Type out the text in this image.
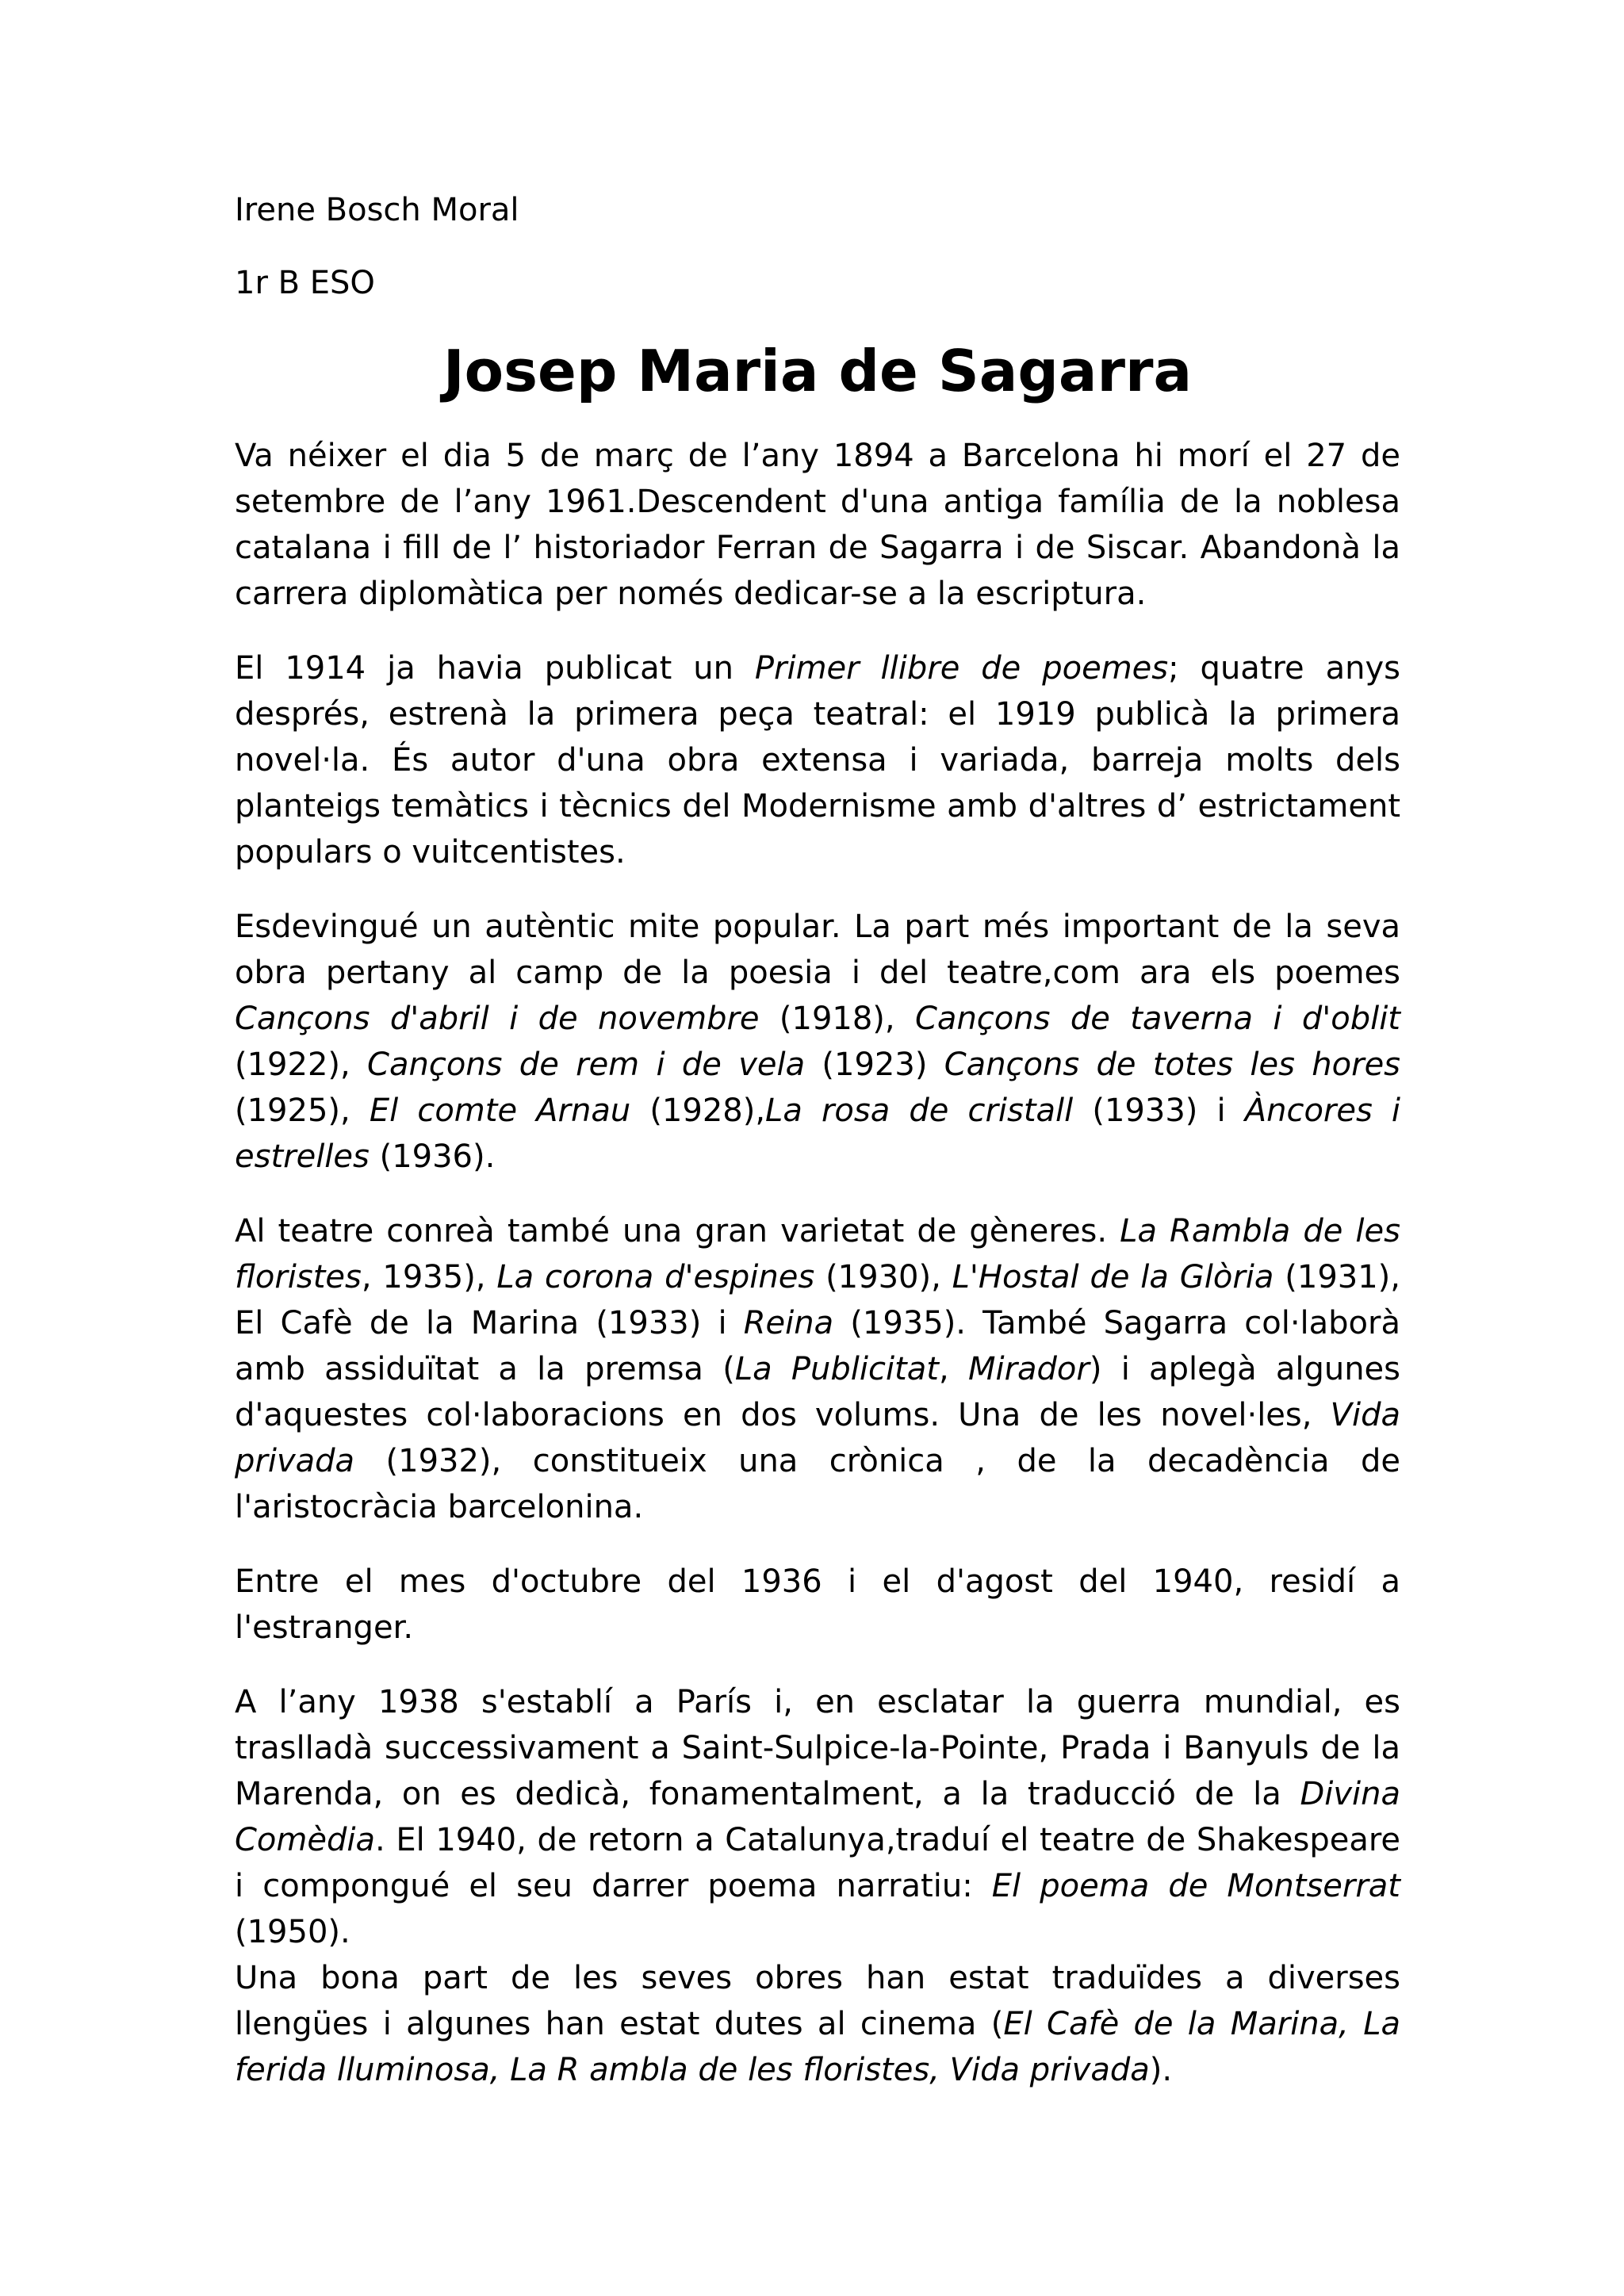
Irene Bosch Moral
1r B ESO
Josep Maria de Sagarra

Va néixer el dia 5 de març de l’any 1894 a Barcelona hi morí el 27 de setembre de l’any 1961.Descendent d'una antiga família de la noblesa catalana i fill de l’ historiador Ferran de Sagarra i de Siscar. Abandonà la carrera diplomàtica per només dedicar-se a la escriptura.

El 1914 ja havia publicat un Primer llibre de poemes; quatre anys després, estrenà la primera peça teatral: el 1919 publicà la primera novel·la. És autor d'una obra extensa i variada, barreja molts dels planteigs temàtics i tècnics del Modernisme amb d'altres d’ estrictament populars o vuitcentistes.

Esdevingué un autèntic mite popular. La part més important de la seva obra pertany al camp de la poesia i del teatre,com ara els poemes Cançons d'abril i de novembre (1918), Cançons de taverna i d'oblit (1922), Cançons de rem i de vela (1923) Cançons de totes les hores (1925), El comte Arnau (1928),La rosa de cristall (1933) i Àncores i estrelles (1936).

Al teatre conreà també una gran varietat de gèneres. La Rambla de les floristes, 1935), La corona d'espines (1930), L'Hostal de la Glòria (1931), El Cafè de la Marina (1933) i Reina (1935). També Sagarra col·laborà amb assiduïtat a la premsa (La Publicitat, Mirador) i aplegà algunes d'aquestes col·laboracions en dos volums. Una de les novel·les, Vida privada (1932), constitueix una crònica , de la decadència de l'aristocràcia barcelonina.

Entre el mes d'octubre del 1936 i el d'agost del 1940, residí a l'estranger.

A l’any 1938 s'establí a París i, en esclatar la guerra mundial, es traslladà successivament a Saint-Sulpice-la-Pointe, Prada i Banyuls de la Marenda, on es dedicà, fonamentalment, a la traducció de la Divina Comèdia. El 1940, de retorn a Catalunya,traduí el teatre de Shakespeare i compongué el seu darrer poema narratiu: El poema de Montserrat (1950).

Una bona part de les seves obres han estat traduïdes a diverses llengües i algunes han estat dutes al cinema (El Cafè de la Marina, La ferida lluminosa, La R ambla de les floristes, Vida privada).
